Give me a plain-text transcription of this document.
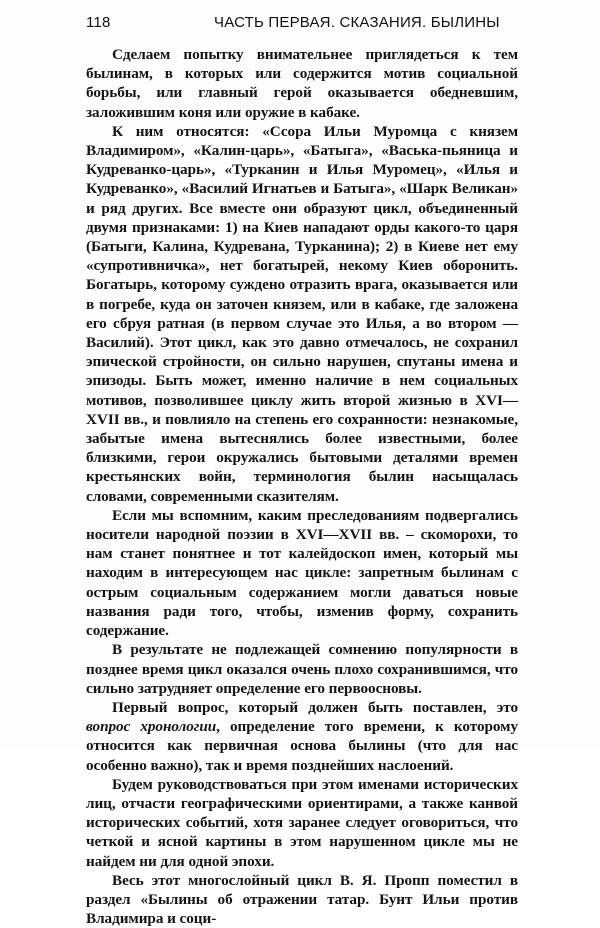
118	ЧАСТЬ ПЕРВАЯ. СКАЗАНИЯ. БЫЛИНЫ

Сделаем попытку внимательнее приглядеться к тем былинам, в которых или содержится мотив социальной борьбы, или главный герой оказывается обедневшим, заложившим коня или оружие в кабаке.

К ним относятся: «Ссора Ильи Муромца с князем Владимиром», «Калин-царь», «Батыга», «Васька-пьяница и Кудреванко-царь», «Турканин и Илья Муромец», «Илья и Кудреванко», «Василий Игнатьев и Батыга», «Шарк Великан» и ряд других. Все вместе они образуют цикл, объединенный двумя признаками: 1) на Киев нападают орды какого-то царя (Батыги, Калина, Кудревана, Турканина); 2) в Киеве нет ему «супротивничка», нет богатырей, некому Киев оборонить. Богатырь, которому суждено отразить врага, оказывается или в погребе, куда он заточен князем, или в кабаке, где заложена его сбруя ратная (в первом случае это Илья, а во втором — Василий). Этот цикл, как это давно отмечалось, не сохранил эпической стройности, он сильно нарушен, спутаны имена и эпизоды. Быть может, именно наличие в нем социальных мотивов, позволившее циклу жить второй жизнью в XVI—XVII вв., и повлияло на степень его сохранности: незнакомые, забытые имена вытеснялись более известными, более близкими, герои окружались бытовыми деталями времен крестьянских войн, терминология былин насыщалась словами, современными сказителям.

Если мы вспомним, каким преследованиям подвергались носители народной поэзии в XVI—XVII вв. – скоморохи, то нам станет понятнее и тот калейдоскоп имен, который мы находим в интересующем нас цикле: запретным былинам с острым социальным содержанием могли даваться новые названия ради того, чтобы, изменив форму, сохранить содержание.

В результате не подлежащей сомнению популярности в позднее время цикл оказался очень плохо сохранившимся, что сильно затрудняет определение его первоосновы.

Первый вопрос, который должен быть поставлен, это вопрос хронологии, определение того времени, к которому относится как первичная основа былины (что для нас особенно важно), так и время позднейших наслоений.

Будем руководствоваться при этом именами исторических лиц, отчасти географическими ориентирами, а также канвой исторических событий, хотя заранее следует оговориться, что четкой и ясной картины в этом нарушенном цикле мы не найдем ни для одной эпохи.

Весь этот многослойный цикл В. Я. Пропп поместил в раздел «Былины об отражении татар. Бунт Ильи против Владимира и соци-
